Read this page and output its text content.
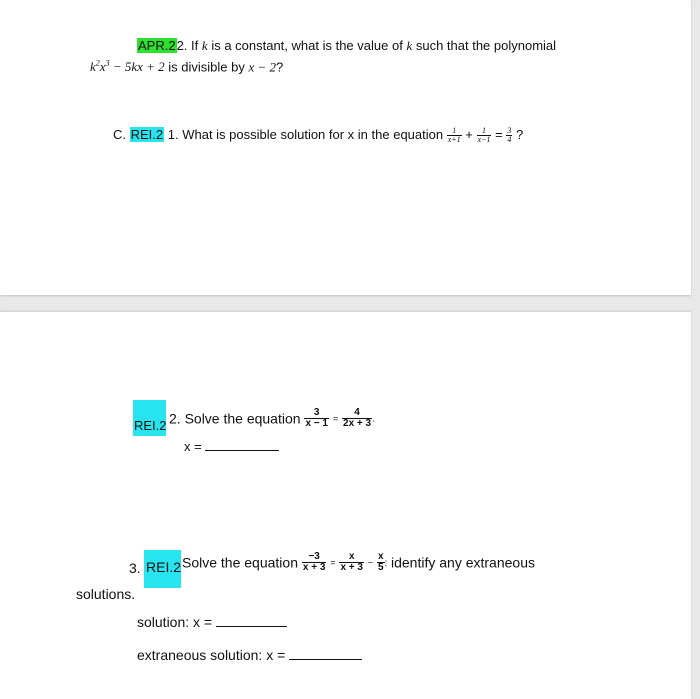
APR.22. If k is a constant, what is the value of k such that the polynomial
$k^2x^3 - 5kx + 2$ is divisible by x − 2?
C. REI.2 1. What is possible solution for x in the equation $\frac{1}{x+1} + \frac{1}{x-1} = \frac{3}{4}$ ?
REI.2 2. Solve the equation $\frac{3}{x - 1} = \frac{4}{2x + 3}$ .
x =
3. REI.2 Solve the equation $\frac{-3}{x + 3} = \frac{x}{x + 3} - \frac{x}{5}$ ; identify any extraneous
solutions.
solution: x =
extraneous solution: x =
